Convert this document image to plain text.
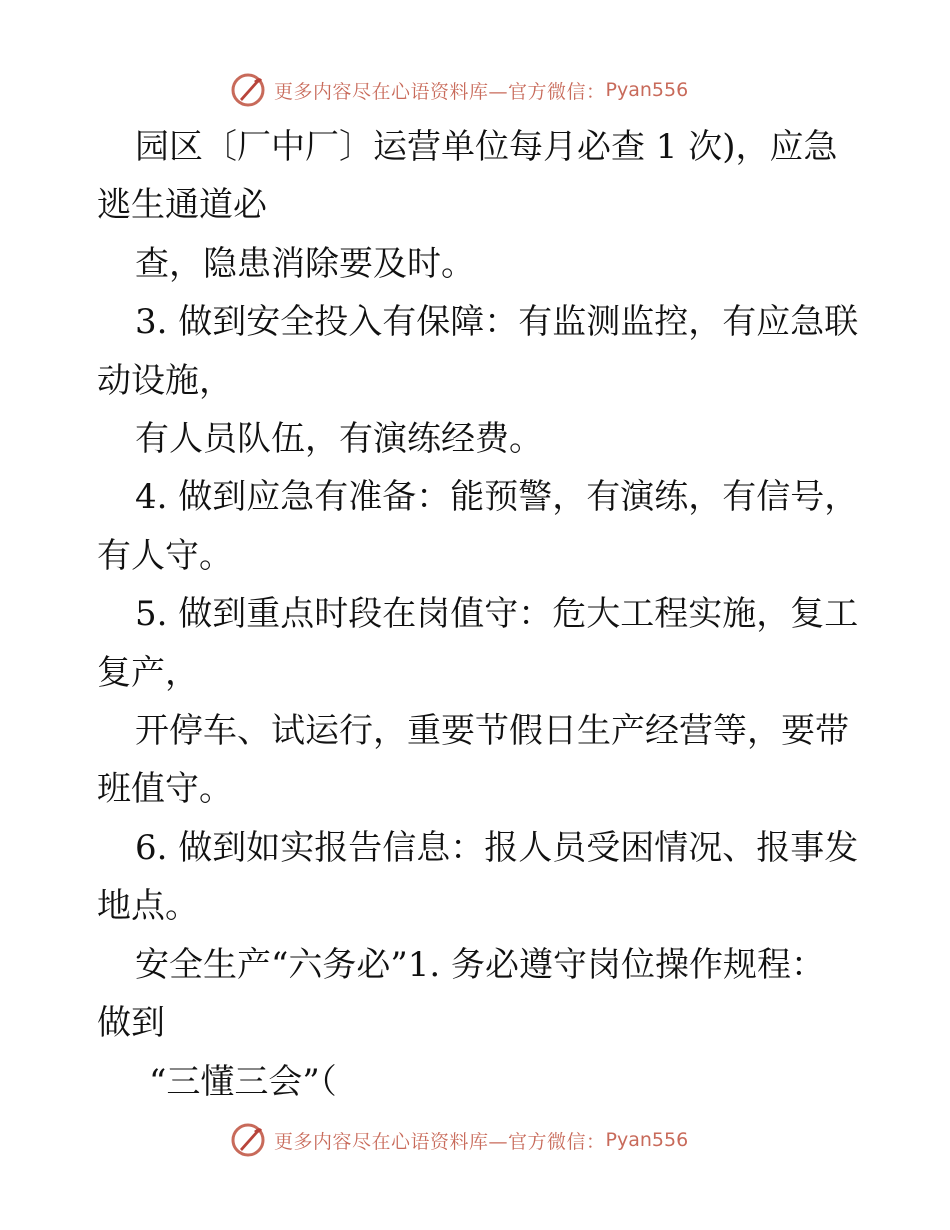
更多内容尽在心语资料库—官方微信： Pyan556

园区〔厂中厂〕运营单位每月必查 1 次)，应急

逃生通道必

查，隐患消除要及时。

3. 做到安全投入有保障：有监测监控，有应急联

动设施，

有人员队伍，有演练经费。

4. 做到应急有准备：能预警，有演练，有信号，

有人守。

5. 做到重点时段在岗值守：危大工程实施，复工

复产，

开停车、试运行，重要节假日生产经营等，要带

班值守。

6. 做到如实报告信息：报人员受困情况、报事发

地点。

安全生产“六务必”1. 务必遵守岗位操作规程：

做到

“三懂三会”（

更多内容尽在心语资料库—官方微信： Pyan556
